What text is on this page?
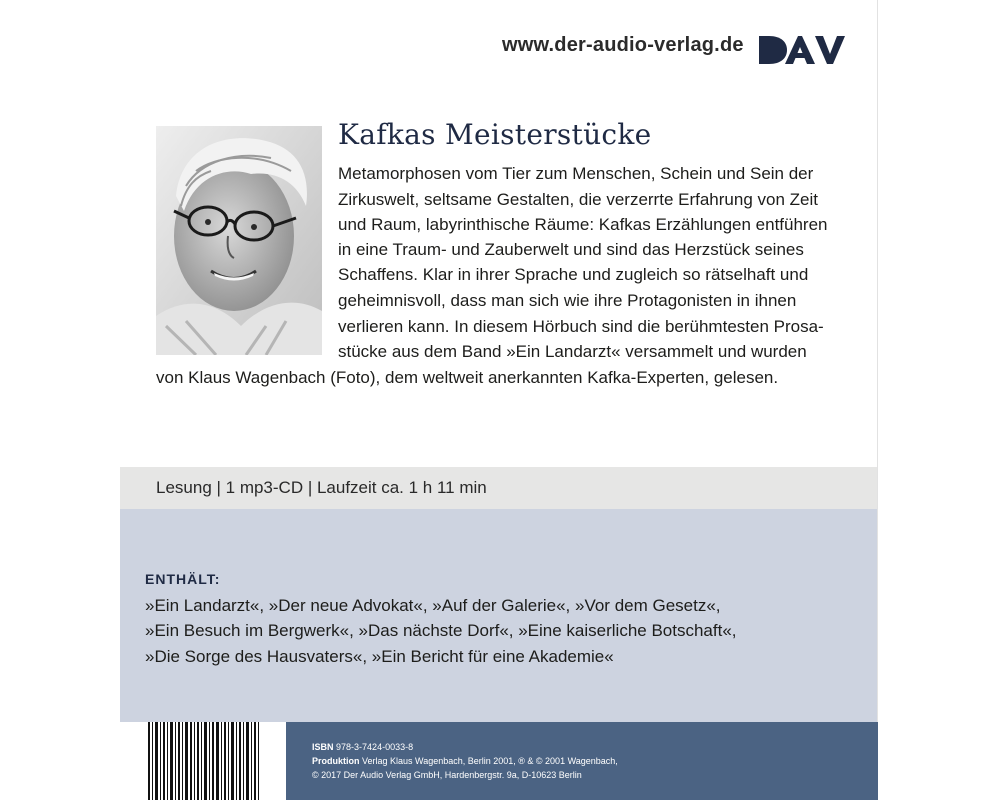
www.der-audio-verlag.de
Kafkas Meisterstücke
Metamorphosen vom Tier zum Menschen, Schein und Sein der
Zirkuswelt, seltsame Gestalten, die verzerrte Erfahrung von Zeit
und Raum, labyrinthische Räume: Kafkas Erzählungen entführen
in eine Traum- und Zauberwelt und sind das Herzstück seines
Schaffens. Klar in ihrer Sprache und zugleich so rätselhaft und
geheimnisvoll, dass man sich wie ihre Protagonisten in ihnen
verlieren kann. In diesem Hörbuch sind die berühmtesten Prosa-
stücke aus dem Band »Ein Landarzt« versammelt und wurden
von Klaus Wagenbach (Foto), dem weltweit anerkannten Kafka-Experten, gelesen.
Lesung | 1 mp3-CD | Laufzeit ca. 1 h 11 min
ENTHÄLT:
»Ein Landarzt«, »Der neue Advokat«, »Auf der Galerie«, »Vor dem Gesetz«,
»Ein Besuch im Bergwerk«, »Das nächste Dorf«, »Eine kaiserliche Botschaft«,
»Die Sorge des Hausvaters«, »Ein Bericht für eine Akademie«
ISBN 978-3-7424-0033-8
Produktion Verlag Klaus Wagenbach, Berlin 2001, ® & © 2001 Wagenbach,
© 2017 Der Audio Verlag GmbH, Hardenbergstr. 9a, D-10623 Berlin
